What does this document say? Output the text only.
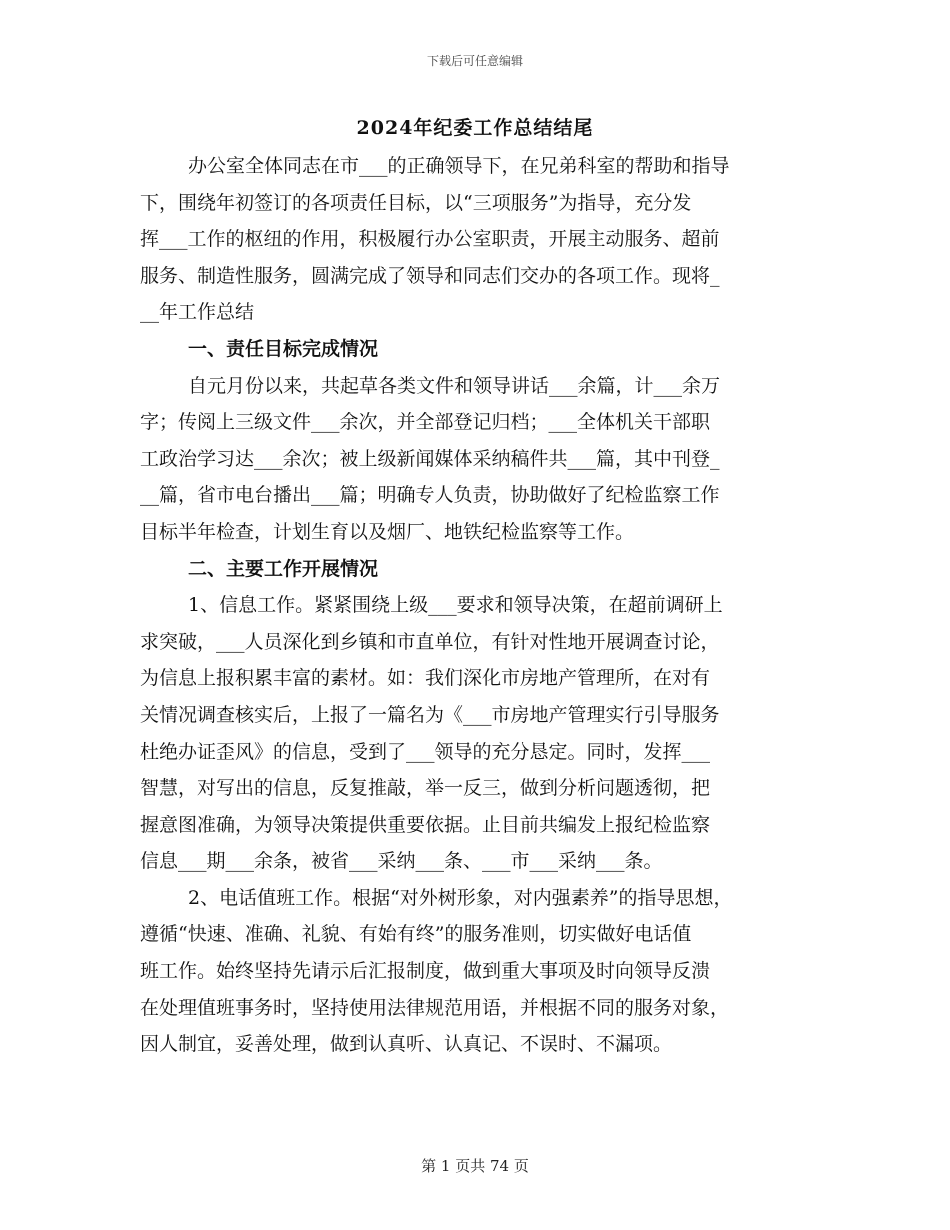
下载后可任意编辑
2024年纪委工作总结结尾
办公室全体同志在市___的正确领导下，在兄弟科室的帮助和指导
下，围绕年初签订的各项责任目标，以“三项服务”为指导，充分发
挥___工作的枢纽的作用，积极履行办公室职责，开展主动服务、超前
服务、制造性服务，圆满完成了领导和同志们交办的各项工作。现将_
__年工作总结
一、责任目标完成情况
自元月份以来，共起草各类文件和领导讲话___余篇，计___余万
字；传阅上三级文件___余次，并全部登记归档；___全体机关干部职
工政治学习达___余次；被上级新闻媒体采纳稿件共___篇，其中刊登_
__篇，省市电台播出___篇；明确专人负责，协助做好了纪检监察工作
目标半年检查，计划生育以及烟厂、地铁纪检监察等工作。
二、主要工作开展情况
1、信息工作。紧紧围绕上级___要求和领导决策，在超前调研上
求突破，___人员深化到乡镇和市直单位，有针对性地开展调查讨论，
为信息上报积累丰富的素材。如：我们深化市房地产管理所，在对有
关情况调查核实后，上报了一篇名为《___市房地产管理实行引导服务
杜绝办证歪风》的信息，受到了___领导的充分恳定。同时，发挥___
智慧，对写出的信息，反复推敲，举一反三，做到分析问题透彻，把
握意图准确，为领导决策提供重要依据。止目前共编发上报纪检监察
信息___期___余条，被省___采纳___条、___市___采纳___条。
2、电话值班工作。根据“对外树形象，对内强素养”的指导思想，
遵循“快速、准确、礼貌、有始有终”的服务准则，切实做好电话值
班工作。始终坚持先请示后汇报制度，做到重大事项及时向领导反溃
在处理值班事务时，坚持使用法律规范用语，并根据不同的服务对象，
因人制宜，妥善处理，做到认真听、认真记、不误时、不漏项。
第 1 页共 74 页
